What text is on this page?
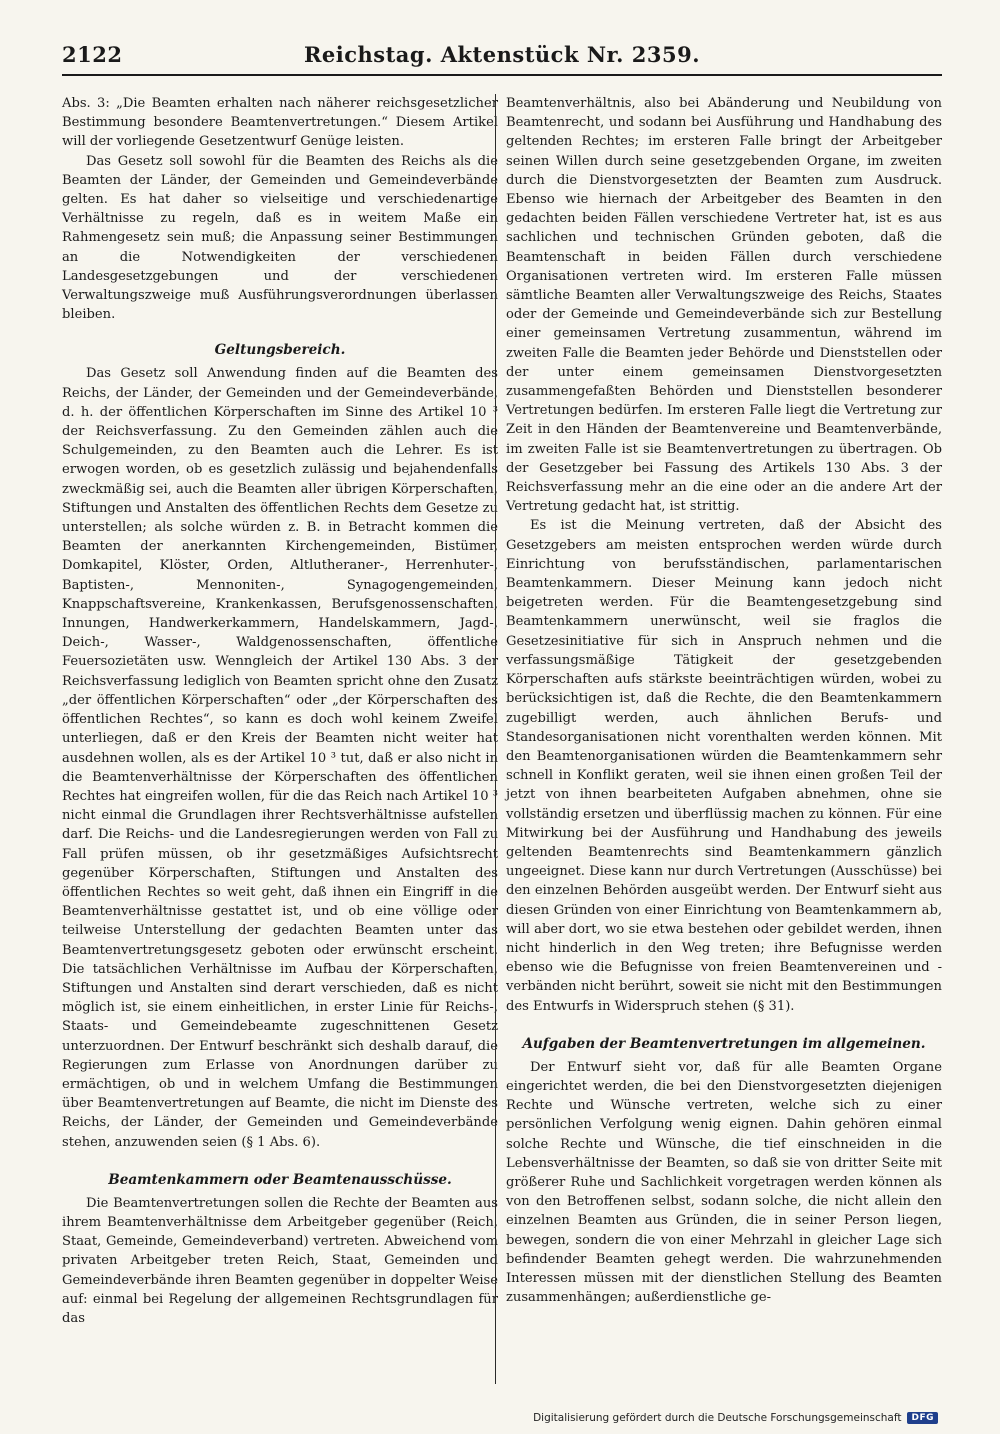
2122	Reichstag. Aktenstück Nr. 2359.

Abs. 3: „Die Beamten erhalten nach näherer reichsgesetzlicher Bestimmung besondere Beamtenvertretungen.“ Diesem Artikel will der vorliegende Gesetzentwurf Genüge leisten.

Das Gesetz soll sowohl für die Beamten des Reichs als die Beamten der Länder, der Gemeinden und Gemeindeverbände gelten. Es hat daher so vielseitige und verschiedenartige Verhältnisse zu regeln, daß es in weitem Maße ein Rahmengesetz sein muß; die Anpassung seiner Bestimmungen an die Notwendigkeiten der verschiedenen Landesgesetzgebungen und der verschiedenen Verwaltungszweige muß Ausführungsverordnungen überlassen bleiben.

Geltungsbereich.

Das Gesetz soll Anwendung finden auf die Beamten des Reichs, der Länder, der Gemeinden und der Gemeindeverbände, d. h. der öffentlichen Körperschaften im Sinne des Artikel 10 ³ der Reichsverfassung. Zu den Gemeinden zählen auch die Schulgemeinden, zu den Beamten auch die Lehrer. Es ist erwogen worden, ob es gesetzlich zulässig und bejahendenfalls zweckmäßig sei, auch die Beamten aller übrigen Körperschaften, Stiftungen und Anstalten des öffentlichen Rechts dem Gesetze zu unterstellen; als solche würden z. B. in Betracht kommen die Beamten der anerkannten Kirchengemeinden, Bistümer, Domkapitel, Klöster, Orden, Altlutheraner-, Herrenhuter-, Baptisten-, Mennoniten-, Synagogengemeinden, Knappschaftsvereine, Krankenkassen, Berufsgenossenschaften, Innungen, Handwerkerkammern, Handelskammern, Jagd-, Deich-, Wasser-, Waldgenossenschaften, öffentliche Feuersozietäten usw. Wenngleich der Artikel 130 Abs. 3 der Reichsverfassung lediglich von Beamten spricht ohne den Zusatz „der öffentlichen Körperschaften“ oder „der Körperschaften des öffentlichen Rechtes“, so kann es doch wohl keinem Zweifel unterliegen, daß er den Kreis der Beamten nicht weiter hat ausdehnen wollen, als es der Artikel 10 ³ tut, daß er also nicht in die Beamtenverhältnisse der Körperschaften des öffentlichen Rechtes hat eingreifen wollen, für die das Reich nach Artikel 10 ³ nicht einmal die Grundlagen ihrer Rechtsverhältnisse aufstellen darf. Die Reichs- und die Landesregierungen werden von Fall zu Fall prüfen müssen, ob ihr gesetzmäßiges Aufsichtsrecht gegenüber Körperschaften, Stiftungen und Anstalten des öffentlichen Rechtes so weit geht, daß ihnen ein Eingriff in die Beamtenverhältnisse gestattet ist, und ob eine völlige oder teilweise Unterstellung der gedachten Beamten unter das Beamtenvertretungsgesetz geboten oder erwünscht erscheint. Die tatsächlichen Verhältnisse im Aufbau der Körperschaften, Stiftungen und Anstalten sind derart verschieden, daß es nicht möglich ist, sie einem einheitlichen, in erster Linie für Reichs-, Staats- und Gemeindebeamte zugeschnittenen Gesetz unterzuordnen. Der Entwurf beschränkt sich deshalb darauf, die Regierungen zum Erlasse von Anordnungen darüber zu ermächtigen, ob und in welchem Umfang die Bestimmungen über Beamtenvertretungen auf Beamte, die nicht im Dienste des Reichs, der Länder, der Gemeinden und Gemeindeverbände stehen, anzuwenden seien (§ 1 Abs. 6).

Beamtenkammern oder Beamtenausschüsse.

Die Beamtenvertretungen sollen die Rechte der Beamten aus ihrem Beamtenverhältnisse dem Arbeitgeber gegenüber (Reich, Staat, Gemeinde, Gemeindeverband) vertreten. Abweichend vom privaten Arbeitgeber treten Reich, Staat, Gemeinden und Gemeindeverbände ihren Beamten gegenüber in doppelter Weise auf: einmal bei Regelung der allgemeinen Rechtsgrundlagen für das

Beamtenverhältnis, also bei Abänderung und Neubildung von Beamtenrecht, und sodann bei Ausführung und Handhabung des geltenden Rechtes; im ersteren Falle bringt der Arbeitgeber seinen Willen durch seine gesetzgebenden Organe, im zweiten durch die Dienstvorgesetzten der Beamten zum Ausdruck. Ebenso wie hiernach der Arbeitgeber des Beamten in den gedachten beiden Fällen verschiedene Vertreter hat, ist es aus sachlichen und technischen Gründen geboten, daß die Beamtenschaft in beiden Fällen durch verschiedene Organisationen vertreten wird. Im ersteren Falle müssen sämtliche Beamten aller Verwaltungszweige des Reichs, Staates oder der Gemeinde und Gemeindeverbände sich zur Bestellung einer gemeinsamen Vertretung zusammentun, während im zweiten Falle die Beamten jeder Behörde und Dienststellen oder der unter einem gemeinsamen Dienstvorgesetzten zusammengefaßten Behörden und Dienststellen besonderer Vertretungen bedürfen. Im ersteren Falle liegt die Vertretung zur Zeit in den Händen der Beamtenvereine und Beamtenverbände, im zweiten Falle ist sie Beamtenvertretungen zu übertragen. Ob der Gesetzgeber bei Fassung des Artikels 130 Abs. 3 der Reichsverfassung mehr an die eine oder an die andere Art der Vertretung gedacht hat, ist strittig.

Es ist die Meinung vertreten, daß der Absicht des Gesetzgebers am meisten entsprochen werden würde durch Einrichtung von berufsständischen, parlamentarischen Beamtenkammern. Dieser Meinung kann jedoch nicht beigetreten werden. Für die Beamtengesetzgebung sind Beamtenkammern unerwünscht, weil sie fraglos die Gesetzesinitiative für sich in Anspruch nehmen und die verfassungsmäßige Tätigkeit der gesetzgebenden Körperschaften aufs stärkste beeinträchtigen würden, wobei zu berücksichtigen ist, daß die Rechte, die den Beamtenkammern zugebilligt werden, auch ähnlichen Berufs- und Standesorganisationen nicht vorenthalten werden können. Mit den Beamtenorganisationen würden die Beamtenkammern sehr schnell in Konflikt geraten, weil sie ihnen einen großen Teil der jetzt von ihnen bearbeiteten Aufgaben abnehmen, ohne sie vollständig ersetzen und überflüssig machen zu können. Für eine Mitwirkung bei der Ausführung und Handhabung des jeweils geltenden Beamtenrechts sind Beamtenkammern gänzlich ungeeignet. Diese kann nur durch Vertretungen (Ausschüsse) bei den einzelnen Behörden ausgeübt werden. Der Entwurf sieht aus diesen Gründen von einer Einrichtung von Beamtenkammern ab, will aber dort, wo sie etwa bestehen oder gebildet werden, ihnen nicht hinderlich in den Weg treten; ihre Befugnisse werden ebenso wie die Befugnisse von freien Beamtenvereinen und -verbänden nicht berührt, soweit sie nicht mit den Bestimmungen des Entwurfs in Widerspruch stehen (§ 31).

Aufgaben der Beamtenvertretungen im allgemeinen.

Der Entwurf sieht vor, daß für alle Beamten Organe eingerichtet werden, die bei den Dienstvorgesetzten diejenigen Rechte und Wünsche vertreten, welche sich zu einer persönlichen Verfolgung wenig eignen. Dahin gehören einmal solche Rechte und Wünsche, die tief einschneiden in die Lebensverhältnisse der Beamten, so daß sie von dritter Seite mit größerer Ruhe und Sachlichkeit vorgetragen werden können als von den Betroffenen selbst, sodann solche, die nicht allein den einzelnen Beamten aus Gründen, die in seiner Person liegen, bewegen, sondern die von einer Mehrzahl in gleicher Lage sich befindender Beamten gehegt werden. Die wahrzunehmenden Interessen müssen mit der dienstlichen Stellung des Beamten zusammenhängen; außerdienstliche ge-

Digitalisierung gefördert durch die Deutsche Forschungsgemeinschaft	DFG
